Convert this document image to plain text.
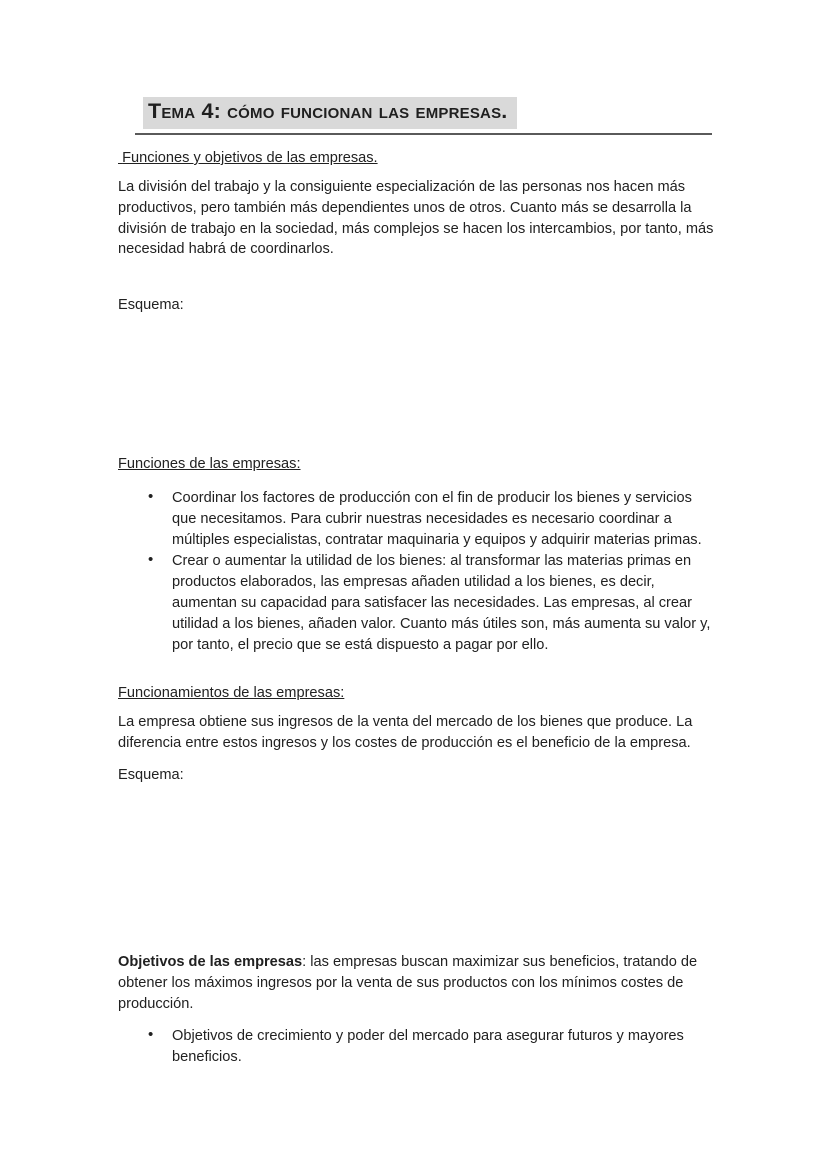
Tema 4: cómo funcionan las empresas.
Funciones y objetivos de las empresas.

La división del trabajo y la consiguiente especialización de las personas nos hacen más productivos, pero también más dependientes unos de otros. Cuanto más se desarrolla la división de trabajo en la sociedad, más complejos se hacen los intercambios, por tanto, más necesidad habrá de coordinarlos.

Esquema:
Funciones de las empresas:
• Coordinar los factores de producción con el fin de producir los bienes y servicios que necesitamos. Para cubrir nuestras necesidades es necesario coordinar a múltiples especialistas, contratar maquinaria y equipos y adquirir materias primas.
• Crear o aumentar la utilidad de los bienes: al transformar las materias primas en productos elaborados, las empresas añaden utilidad a los bienes, es decir, aumentan su capacidad para satisfacer las necesidades. Las empresas, al crear utilidad a los bienes, añaden valor. Cuanto más útiles son, más aumenta su valor y, por tanto, el precio que se está dispuesto a pagar por ello.
Funcionamientos de las empresas:

La empresa obtiene sus ingresos de la venta del mercado de los bienes que produce. La diferencia entre estos ingresos y los costes de producción es el beneficio de la empresa.

Esquema:

Objetivos de las empresas: las empresas buscan maximizar sus beneficios, tratando de obtener los máximos ingresos por la venta de sus productos con los mínimos costes de producción.

• Objetivos de crecimiento y poder del mercado para asegurar futuros y mayores beneficios.
